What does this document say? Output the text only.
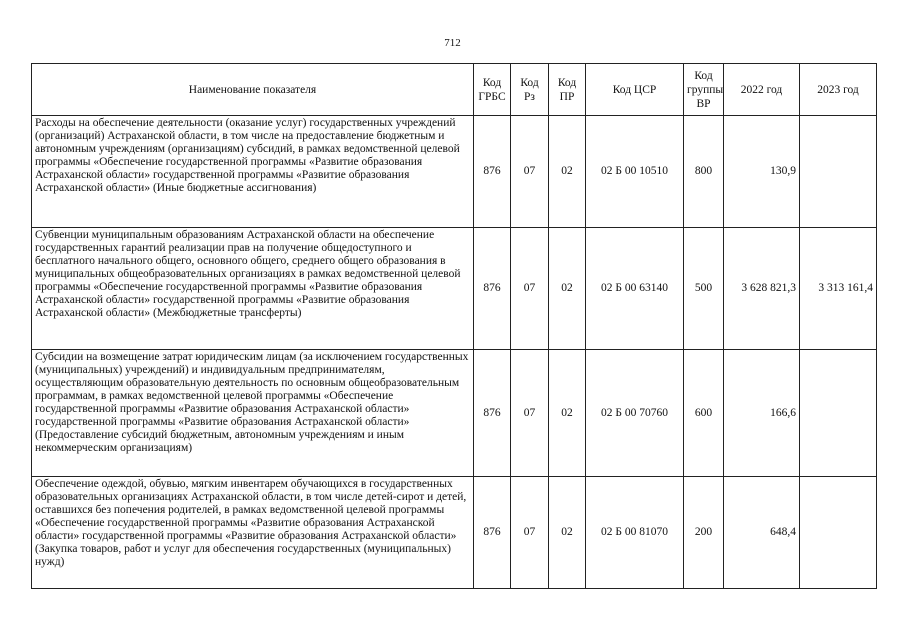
712
Наименование показателя	Код ГРБС	Код Рз	Код ПР	Код ЦСР	Код группы ВР	2022 год	2023 год
Расходы на обеспечение деятельности (оказание услуг) государственных учреждений (организаций) Астраханской области, в том числе на предоставление бюджетным и автономным учреждениям (организациям) субсидий, в рамках ведомственной целевой программы «Обеспечение государственной программы «Развитие образования Астраханской области» государственной программы «Развитие образования Астраханской области» (Иные бюджетные ассигнования)	876	07	02	02 Б 00 10510	800	130,9	
Субвенции муниципальным образованиям Астраханской области на обеспечение государственных гарантий реализации прав на получение общедоступного и бесплатного начального общего, основного общего, среднего общего образования в муниципальных общеобразовательных организациях в рамках ведомственной целевой программы «Обеспечение государственной программы «Развитие образования Астраханской области» государственной программы «Развитие образования Астраханской области» (Межбюджетные трансферты)	876	07	02	02 Б 00 63140	500	3 628 821,3	3 313 161,4
Субсидии на возмещение затрат юридическим лицам (за исключением государственных (муниципальных) учреждений) и индивидуальным предпринимателям, осуществляющим образовательную деятельность по основным общеобразовательным программам, в рамках ведомственной целевой программы «Обеспечение государственной программы «Развитие образования Астраханской области» государственной программы «Развитие образования Астраханской области» (Предоставление субсидий бюджетным, автономным учреждениям и иным некоммерческим организациям)	876	07	02	02 Б 00 70760	600	166,6	
Обеспечение одеждой, обувью, мягким инвентарем обучающихся в государственных образовательных организациях Астраханской области, в том числе детей-сирот и детей, оставшихся без попечения родителей, в рамках ведомственной целевой программы «Обеспечение государственной программы «Развитие образования Астраханской области» государственной программы «Развитие образования Астраханской области» (Закупка товаров, работ и услуг для обеспечения государственных (муниципальных) нужд)	876	07	02	02 Б 00 81070	200	648,4	
